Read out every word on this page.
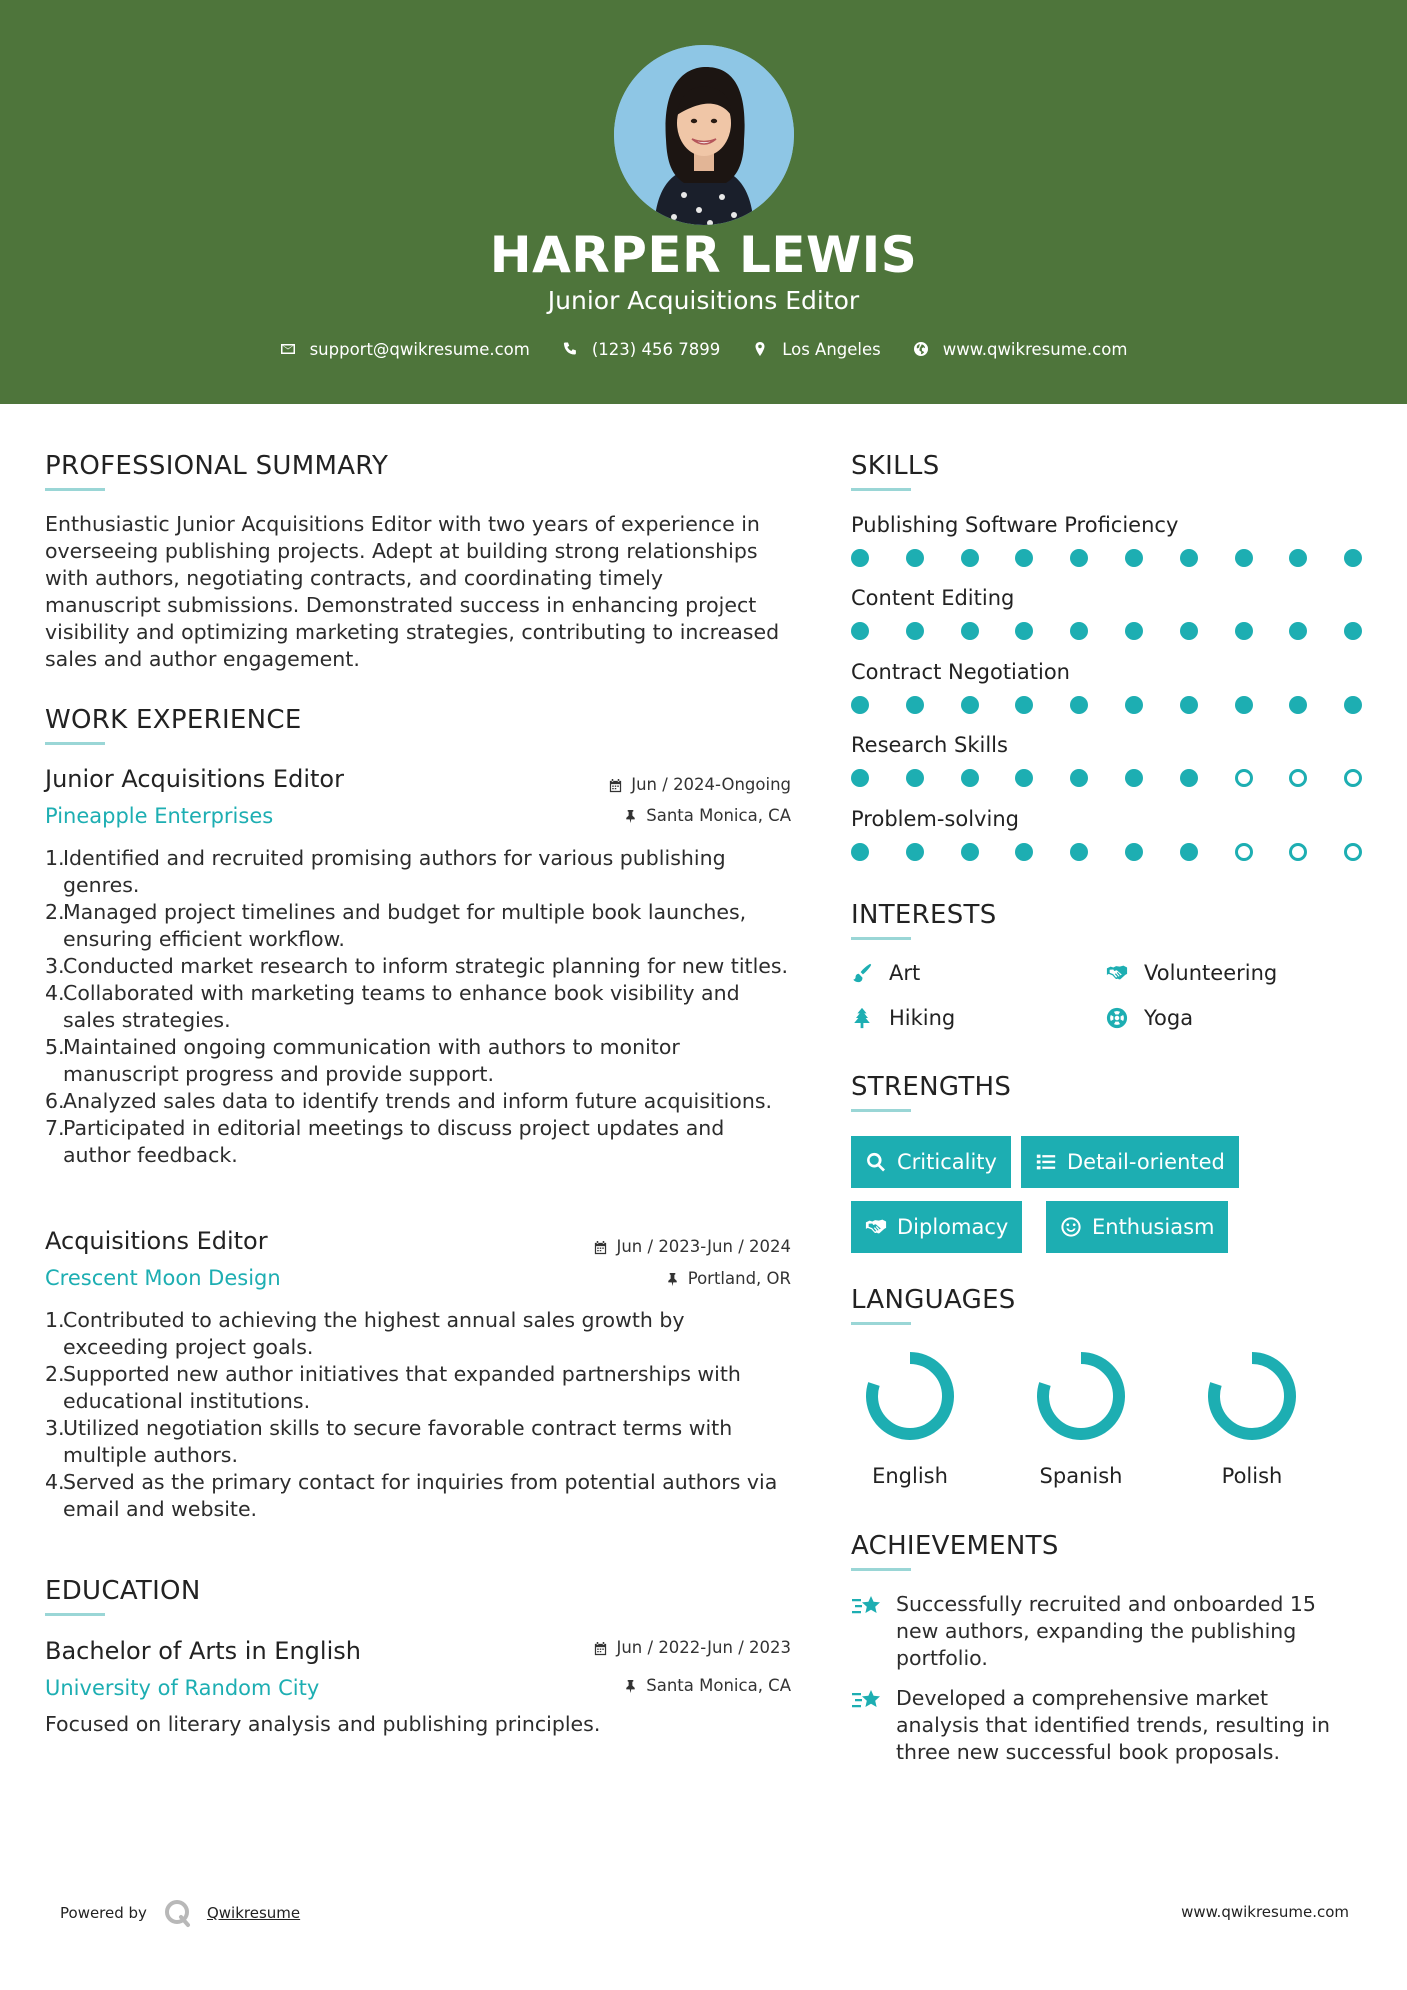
HARPER LEWIS
Junior Acquisitions Editor
support@qwikresume.com	(123) 456 7899	Los Angeles	www.qwikresume.com
PROFESSIONAL SUMMARY
Enthusiastic Junior Acquisitions Editor with two years of experience in overseeing publishing projects. Adept at building strong relationships with authors, negotiating contracts, and coordinating timely manuscript submissions. Demonstrated success in enhancing project visibility and optimizing marketing strategies, contributing to increased sales and author engagement.
WORK EXPERIENCE
Junior Acquisitions Editor	Jun / 2024-Ongoing
Pineapple Enterprises	Santa Monica, CA
1.
Identified and recruited promising authors for various publishing genres.
2.
Managed project timelines and budget for multiple book launches, ensuring efficient workflow.
3.
Conducted market research to inform strategic planning for new titles.
4.
Collaborated with marketing teams to enhance book visibility and sales strategies.
5.
Maintained ongoing communication with authors to monitor manuscript progress and provide support.
6.
Analyzed sales data to identify trends and inform future acquisitions.
7.
Participated in editorial meetings to discuss project updates and author feedback.
Acquisitions Editor	Jun / 2023-Jun / 2024
Crescent Moon Design	Portland, OR
1.
Contributed to achieving the highest annual sales growth by exceeding project goals.
2.
Supported new author initiatives that expanded partnerships with educational institutions.
3.
Utilized negotiation skills to secure favorable contract terms with multiple authors.
4.
Served as the primary contact for inquiries from potential authors via email and website.
EDUCATION
Bachelor of Arts in English	Jun / 2022-Jun / 2023
University of Random City	Santa Monica, CA
Focused on literary analysis and publishing principles.
SKILLS
Publishing Software Proficiency
Content Editing
Contract Negotiation
Research Skills
Problem-solving
INTERESTS
Art	Volunteering
Hiking	Yoga
STRENGTHS
Criticality	Detail-oriented
Diplomacy	Enthusiasm
LANGUAGES
English	Spanish	Polish
ACHIEVEMENTS
Successfully recruited and onboarded 15 new authors, expanding the publishing portfolio.
Developed a comprehensive market analysis that identified trends, resulting in three new successful book proposals.
Powered by	Qwikresume	www.qwikresume.com
